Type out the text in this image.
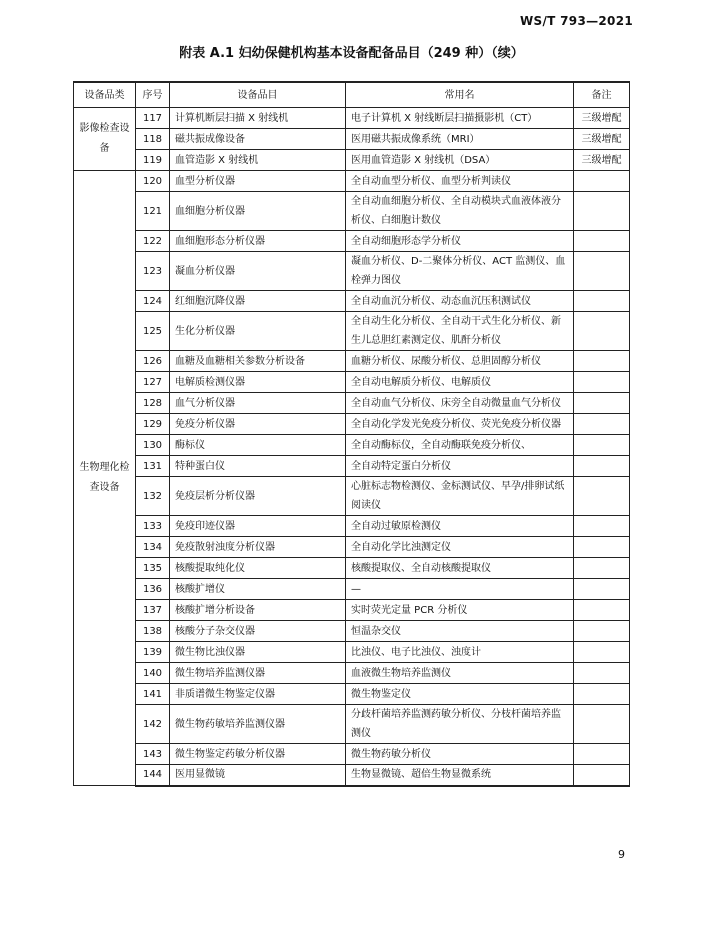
WS/T 793—2021
附表 A.1 妇幼保健机构基本设备配备品目（249 种）（续）
设备品类	序号	设备品目	常用名	备注
影像检查设备	117	计算机断层扫描 X 射线机	电子计算机 X 射线断层扫描摄影机（CT）	三级增配
	118	磁共振成像设备	医用磁共振成像系统（MRI）	三级增配
	119	血管造影 X 射线机	医用血管造影 X 射线机（DSA）	三级增配
生物理化检查设备	120	血型分析仪器	全自动血型分析仪、血型分析判读仪	
	121	血细胞分析仪器	全自动血细胞分析仪、全自动模块式血液体液分析仪、白细胞计数仪	
	122	血细胞形态分析仪器	全自动细胞形态学分析仪	
	123	凝血分析仪器	凝血分析仪、D-二聚体分析仪、ACT 监测仪、血栓弹力图仪	
	124	红细胞沉降仪器	全自动血沉分析仪、动态血沉压积测试仪	
	125	生化分析仪器	全自动生化分析仪、全自动干式生化分析仪、新生儿总胆红素测定仪、肌酐分析仪	
	126	血糖及血糖相关参数分析设备	血糖分析仪、尿酸分析仪、总胆固醇分析仪	
	127	电解质检测仪器	全自动电解质分析仪、电解质仪	
	128	血气分析仪器	全自动血气分析仪、床旁全自动微量血气分析仪	
	129	免疫分析仪器	全自动化学发光免疫分析仪、荧光免疫分析仪器	
	130	酶标仪	全自动酶标仪，全自动酶联免疫分析仪、	
	131	特种蛋白仪	全自动特定蛋白分析仪	
	132	免疫层析分析仪器	心脏标志物检测仪、金标测试仪、早孕/排卵试纸阅读仪	
	133	免疫印迹仪器	全自动过敏原检测仪	
	134	免疫散射浊度分析仪器	全自动化学比浊测定仪	
	135	核酸提取纯化仪	核酸提取仪、全自动核酸提取仪	
	136	核酸扩增仪	—	
	137	核酸扩增分析设备	实时荧光定量 PCR 分析仪	
	138	核酸分子杂交仪器	恒温杂交仪	
	139	微生物比浊仪器	比浊仪、电子比浊仪、浊度计	
	140	微生物培养监测仪器	血液微生物培养监测仪	
	141	非质谱微生物鉴定仪器	微生物鉴定仪	
	142	微生物药敏培养监测仪器	分歧杆菌培养监测药敏分析仪、分枝杆菌培养监测仪	
	143	微生物鉴定药敏分析仪器	微生物药敏分析仪	
	144	医用显微镜	生物显微镜、超倍生物显微系统	
9
